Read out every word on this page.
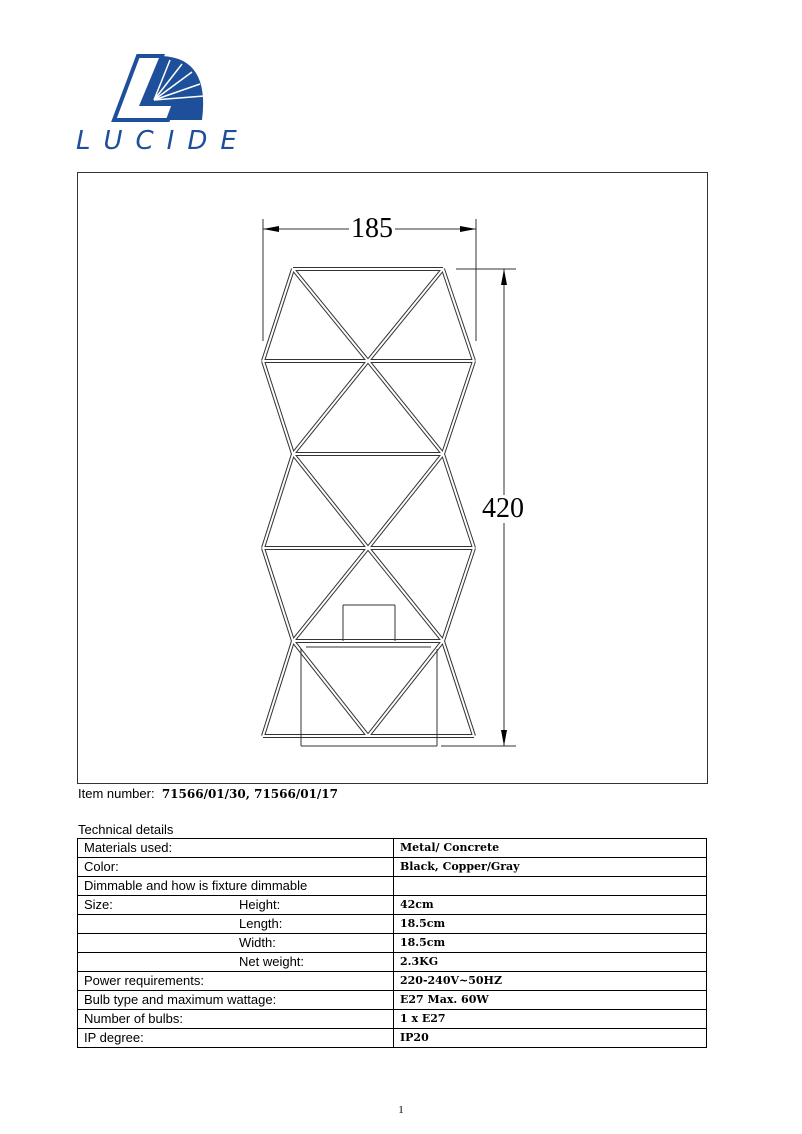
LUCIDE
185
420
Item number: 71566/01/30, 71566/01/17
Technical details
Materials used:	Metal/ Concrete
Color:	Black, Copper/Gray
Dimmable and how is fixture dimmable	
Size: Height:	42cm
Length:	18.5cm
Width:	18.5cm
Net weight:	2.3KG
Power requirements:	220-240V~50HZ
Bulb type and maximum wattage:	E27 Max. 60W
Number of bulbs:	1 x E27
IP degree:	IP20
1
